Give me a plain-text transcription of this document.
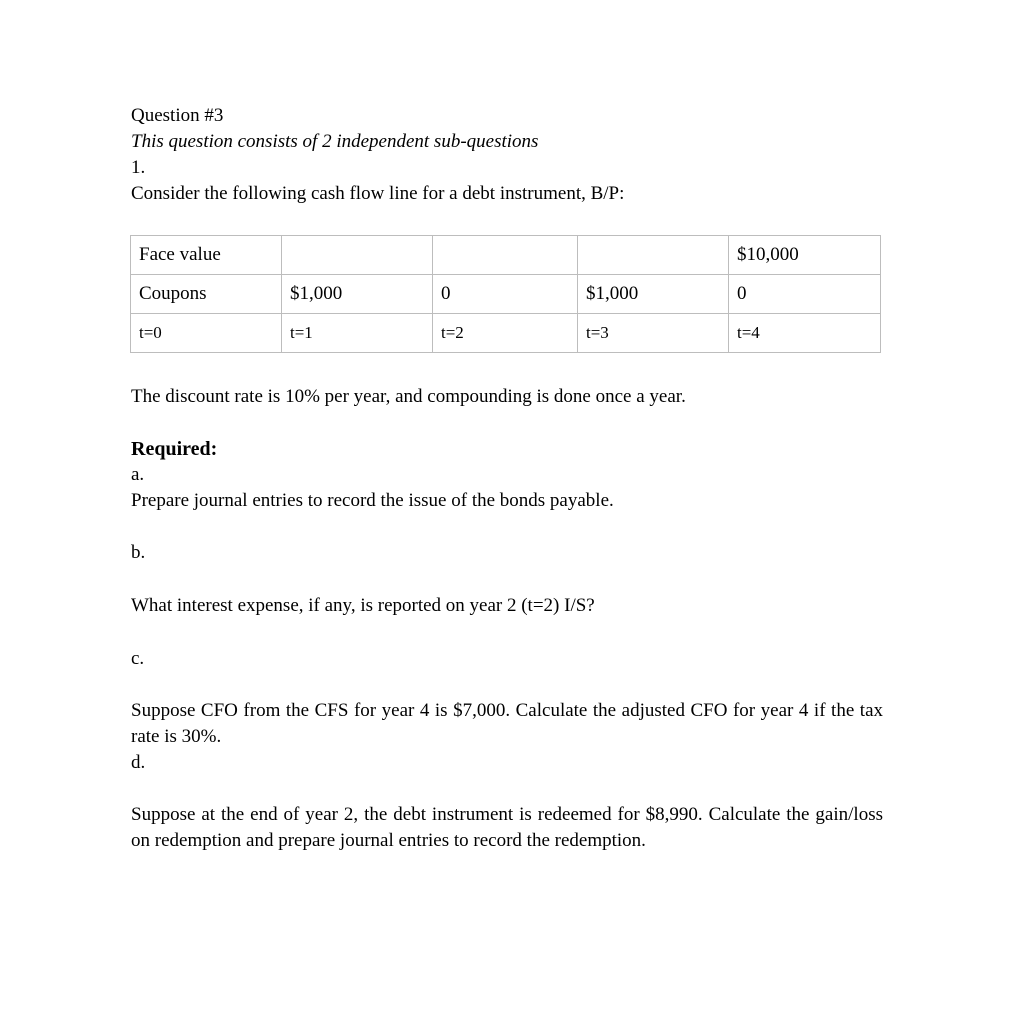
Question #3
This question consists of 2 independent sub-questions
1.
Consider the following cash flow line for a debt instrument, B/P:
Face value				$10,000
Coupons	$1,000	0	$1,000	0
t=0	t=1	t=2	t=3	t=4
The discount rate is 10% per year, and compounding is done once a year.
Required:
a.
Prepare journal entries to record the issue of the bonds payable.
b.
What interest expense, if any, is reported on year 2 (t=2) I/S?
c.
Suppose CFO from the CFS for year 4 is $7,000. Calculate the adjusted CFO for year 4 if the tax rate is 30%.
d.
Suppose at the end of year 2, the debt instrument is redeemed for $8,990. Calculate the gain/loss on redemption and prepare journal entries to record the redemption.
